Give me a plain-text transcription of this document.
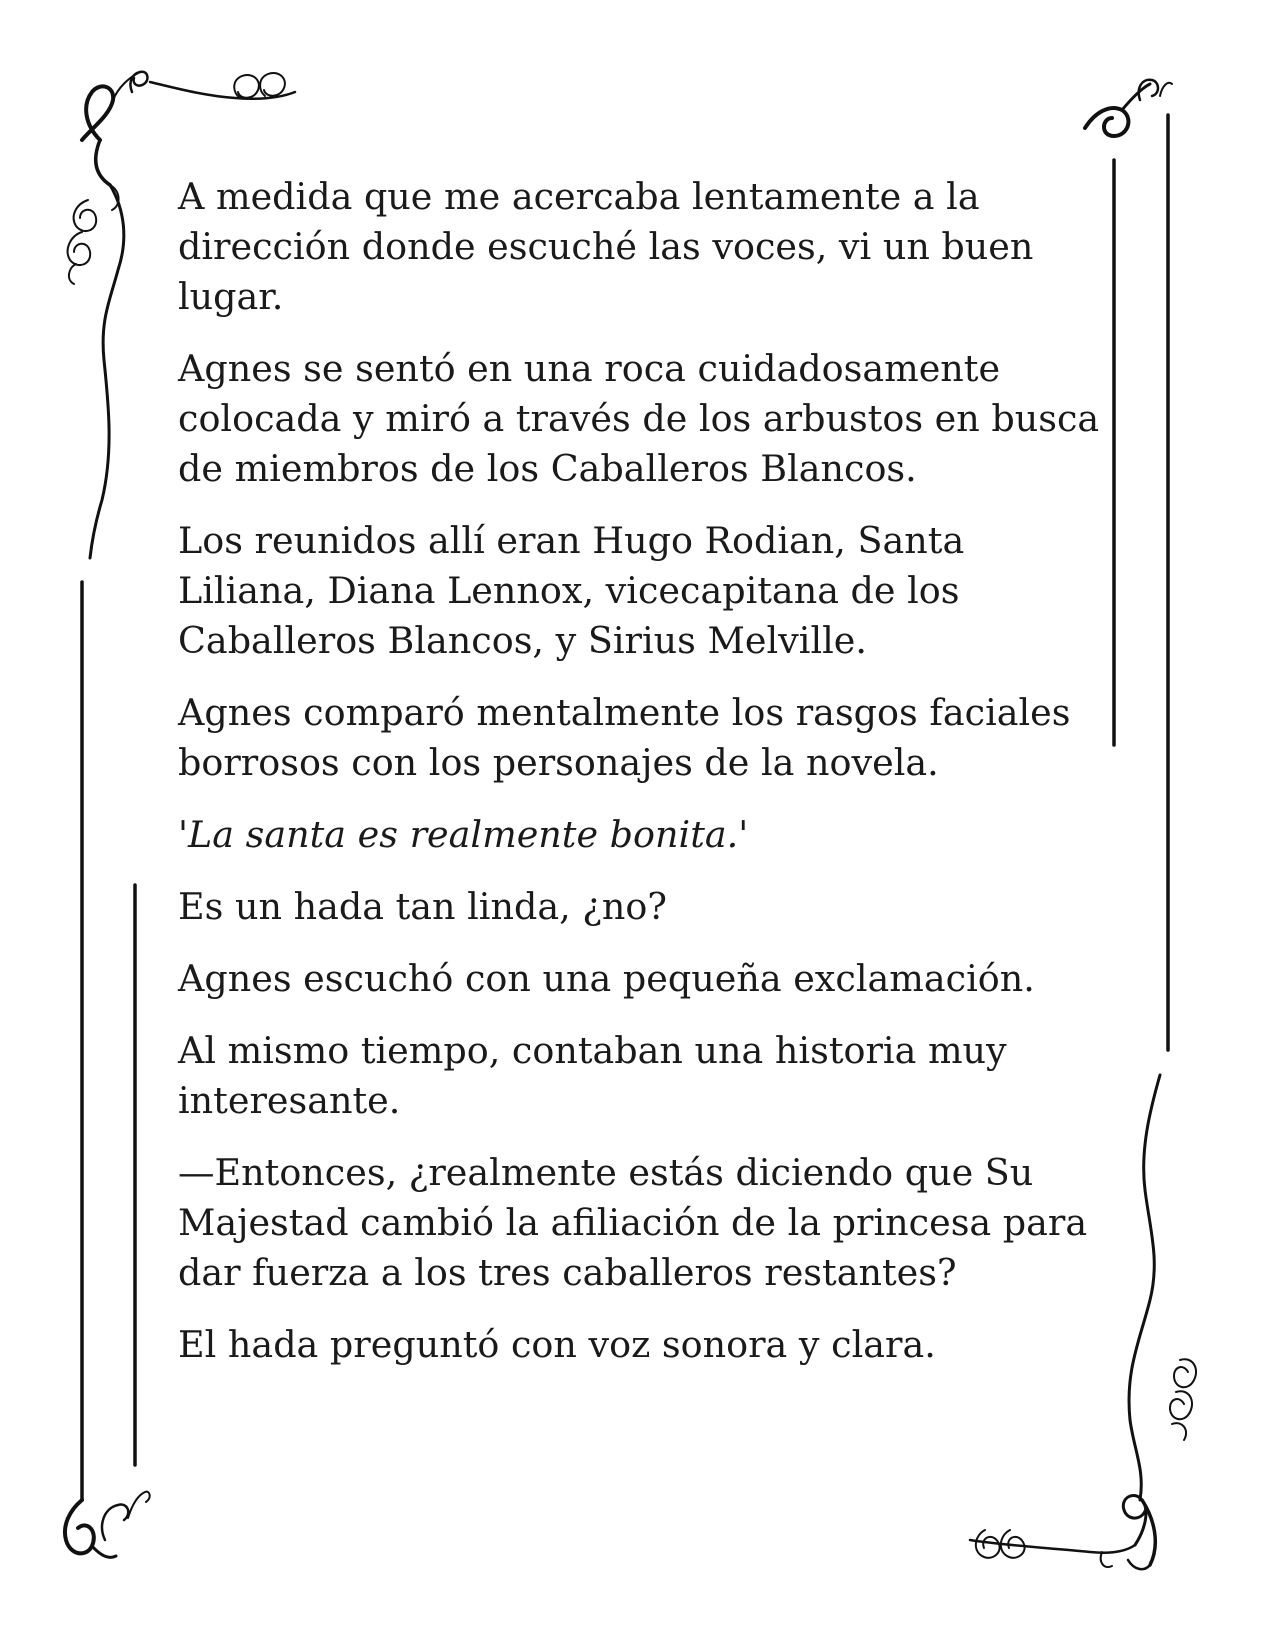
A medida que me acercaba lentamente a la dirección donde escuché las voces, vi un buen lugar.

Agnes se sentó en una roca cuidadosamente colocada y miró a través de los arbustos en busca de miembros de los Caballeros Blancos.

Los reunidos allí eran Hugo Rodian, Santa Liliana, Diana Lennox, vicecapitana de los Caballeros Blancos, y Sirius Melville.

Agnes comparó mentalmente los rasgos faciales borrosos con los personajes de la novela.

'La santa es realmente bonita.'

Es un hada tan linda, ¿no?

Agnes escuchó con una pequeña exclamación.

Al mismo tiempo, contaban una historia muy interesante.

—Entonces, ¿realmente estás diciendo que Su Majestad cambió la afiliación de la princesa para dar fuerza a los tres caballeros restantes?

El hada preguntó con voz sonora y clara.
